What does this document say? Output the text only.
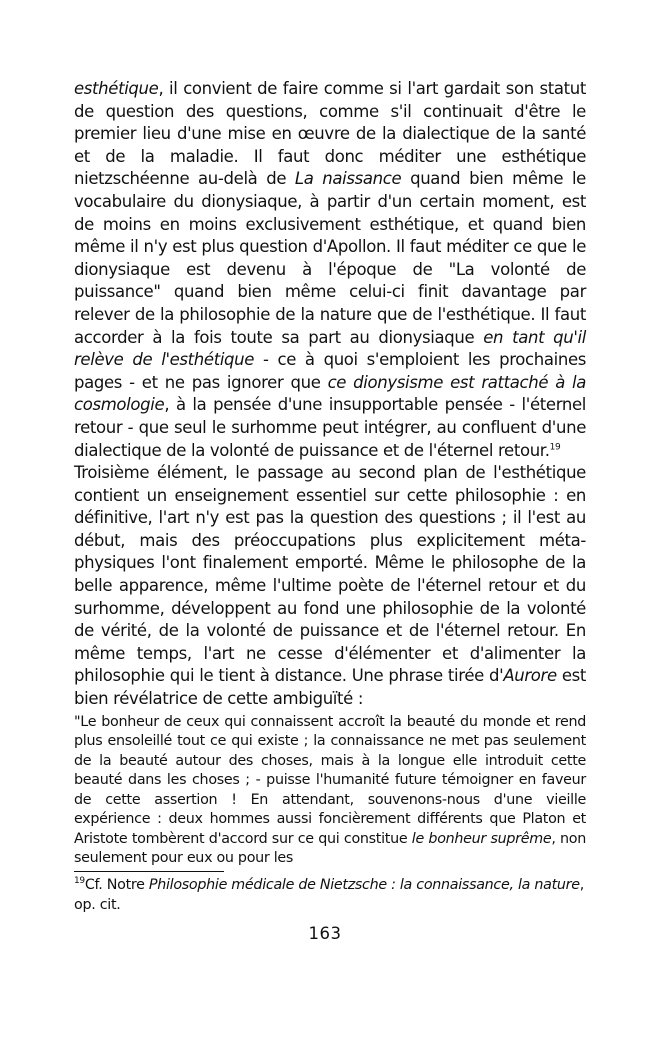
esthétique, il convient de faire comme si l'art gardait son statut de question des questions, comme s'il continuait d'être le premier lieu d'une mise en œuvre de la dialectique de la santé et de la maladie. Il faut donc méditer une esthétique nietzschéenne au-delà de La naissance quand bien même le vocabulaire du dionysiaque, à partir d'un certain moment, est de moins en moins exclusivement esthétique, et quand bien même il n'y est plus question d'Apollon. Il faut méditer ce que le dionysiaque est devenu à l'époque de "La volonté de puissance" quand bien même celui-ci finit davantage par relever de la philosophie de la nature que de l'esthétique. Il faut accorder à la fois toute sa part au dionysiaque en tant qu'il relève de l'esthétique - ce à quoi s'emploient les prochaines pages - et ne pas ignorer que ce dionysisme est rattaché à la cosmologie, à la pensée d'une insupportable pensée - l'éternel retour - que seul le surhomme peut intégrer, au confluent d'une dialectique de la volonté de puissance et de l'éternel retour.$^{19}$

Troisième élément, le passage au second plan de l'esthétique contient un enseignement essentiel sur cette philosophie : en définitive, l'art n'y est pas la question des questions ; il l'est au début, mais des préoccupations plus explicitement méta-physiques l'ont finalement emporté. Même le philosophe de la belle apparence, même l'ultime poète de l'éternel retour et du surhomme, développent au fond une philosophie de la volonté de vérité, de la volonté de puissance et de l'éternel retour. En même temps, l'art ne cesse d'élémenter et d'alimenter la philosophie qui le tient à distance. Une phrase tirée d'Aurore est bien révélatrice de cette ambiguïté :

"Le bonheur de ceux qui connaissent accroît la beauté du monde et rend plus ensoleillé tout ce qui existe ; la connaissance ne met pas seulement de la beauté autour des choses, mais à la longue elle introduit cette beauté dans les choses ; - puisse l'humanité future témoigner en faveur de cette assertion ! En attendant, souvenons-nous d'une vieille expérience : deux hommes aussi foncièrement différents que Platon et Aristote tombèrent d'accord sur ce qui constitue le bonheur suprême, non seulement pour eux ou pour les

$^{19}$Cf. Notre Philosophie médicale de Nietzsche : la connaissance, la nature, op. cit.

163
